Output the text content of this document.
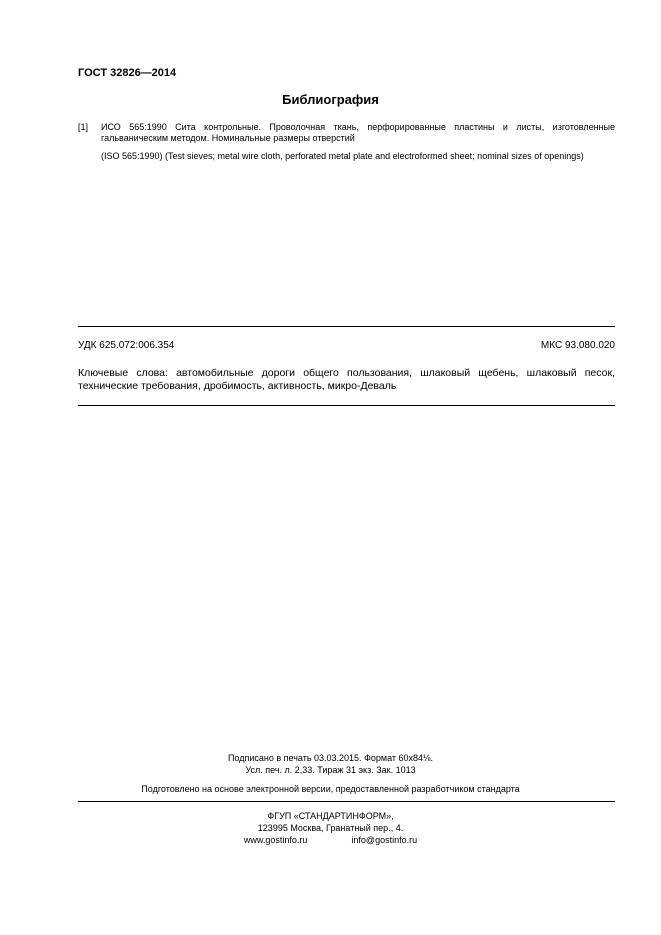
ГОСТ 32826—2014
Библиография
[1] ИСО 565:1990 Сита контрольные. Проволочная ткань, перфорированные пластины и листы, изготовленные гальваническим методом. Номинальные размеры отверстий
(ISO 565:1990) (Test sieves; metal wire cloth, perforated metal plate and electroformed sheet; nominal sizes of openings)
УДК 625.072:006.354	МКС 93.080.020
Ключевые слова: автомобильные дороги общего пользования, шлаковый щебень, шлаковый песок, технические требования, дробимость, активность, микро-Деваль
Подписано в печать 03.03.2015. Формат 60x84⅛.
Усл. печ. л. 2,33. Тираж 31 экз. Зак. 1013
Подготовлено на основе электронной версии, предоставленной разработчиком стандарта
ФГУП «СТАНДАРТИНФОРМ»,
123995 Москва, Гранатный пер., 4.
www.gostinfo.ru	info@gostinfo.ru
